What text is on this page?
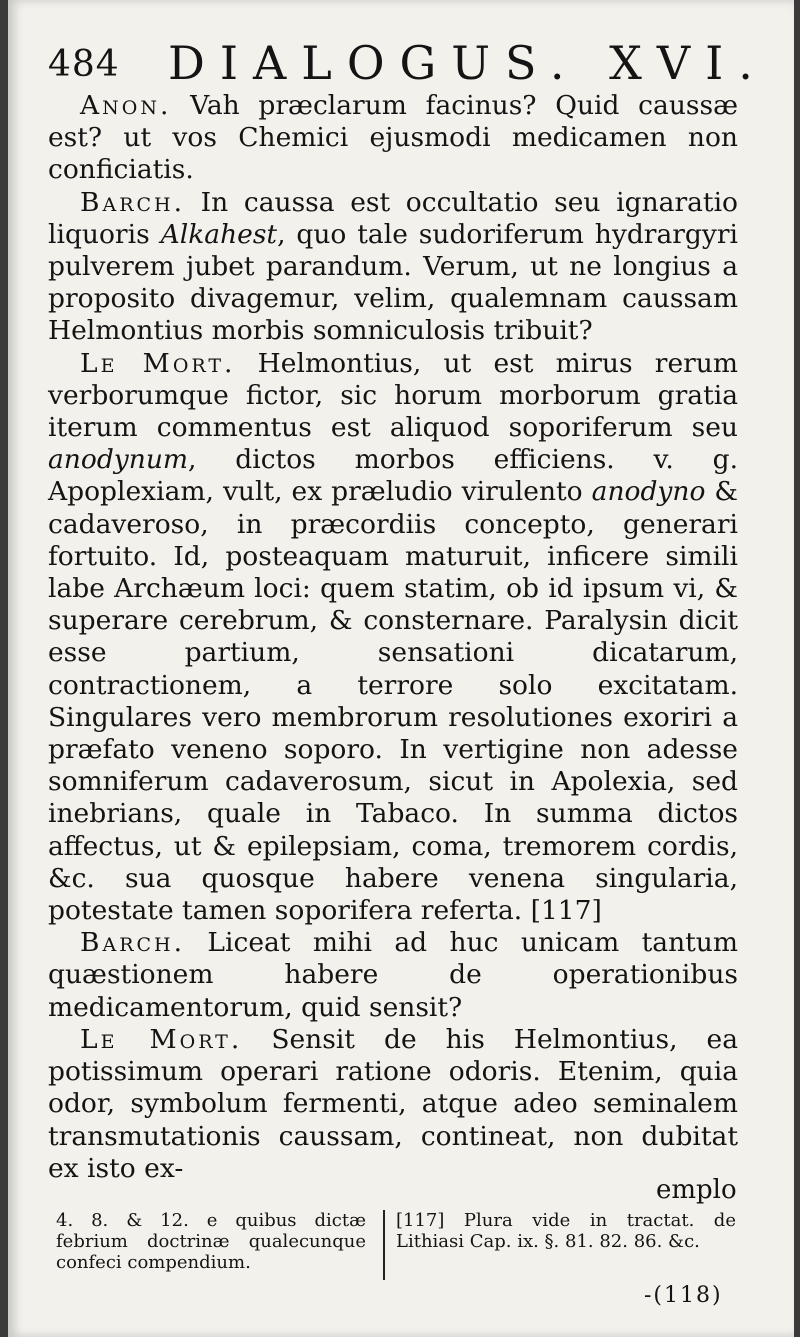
484 DIALOGUS. XVI.

Anon. Vah præclarum facinus? Quid caussæ est? ut vos Chemici ejusmodi medicamen non conficiatis.

Barch. In caussa est occultatio seu ignaratio liquoris Alkahest, quo tale sudoriferum hydrargyri pulverem jubet parandum. Verum, ut ne longius a proposito divagemur, velim, qualemnam caussam Helmontius morbis somniculosis tribuit?

Le Mort. Helmontius, ut est mirus rerum verborumque fictor, sic horum morborum gratia iterum commentus est aliquod soporiferum seu anodynum, dictos morbos efficiens. v. g. Apoplexiam, vult, ex præludio virulento anodyno & cadaveroso, in præcordiis concepto, generari fortuito. Id, posteaquam maturuit, inficere simili labe Archæum loci: quem statim, ob id ipsum vi, & superare cerebrum, & consternare. Paralysin dicit esse partium, sensationi dicatarum, contractionem, a terrore solo excitatam. Singulares vero membrorum resolutiones exoriri a præfato veneno soporo. In vertigine non adesse somniferum cadaverosum, sicut in Apolexia, sed inebrians, quale in Tabaco. In summa dictos affectus, ut & epilepsiam, coma, tremorem cordis, &c. sua quosque habere venena singularia, potestate tamen soporifera referta. [117]

Barch. Liceat mihi ad huc unicam tantum quæstionem habere de operationibus medicamentorum, quid sensit?

Le Mort. Sensit de his Helmontius, ea potissimum operari ratione odoris. Etenim, quia odor, symbolum fermenti, atque adeo seminalem transmutationis caussam, contineat, non dubitat ex isto ex-

emplo
4. 8. & 12. e quibus dictæ febrium doctrinæ qualecunque confeci compendium.
[117] Plura vide in tractat. de Lithiasi Cap. ix. §. 81. 82. 86. &c.
-(118)
